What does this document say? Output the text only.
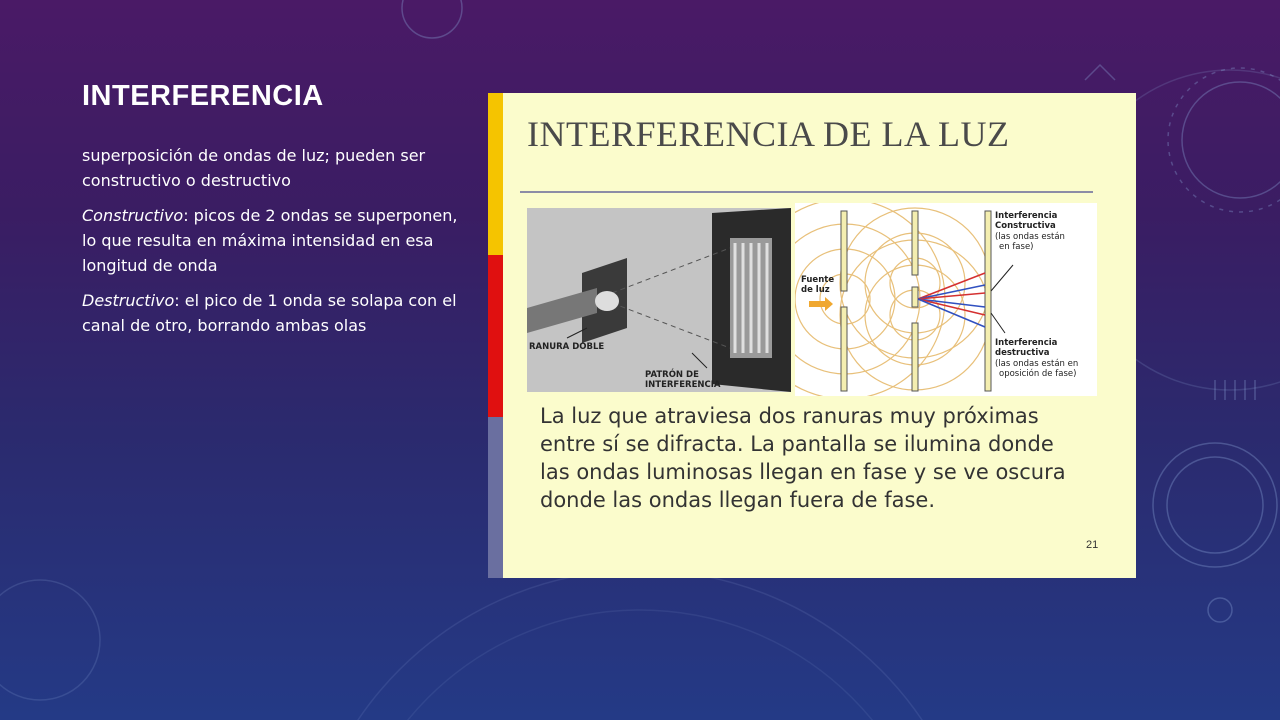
INTERFERENCIA

superposición de ondas de luz; pueden ser constructivo o destructivo

Constructivo: picos de 2 ondas se superponen, lo que resulta en máxima intensidad en esa longitud de onda

Destructivo: el pico de 1 onda se solapa con el canal de otro, borrando ambas olas

INTERFERENCIA DE LA LUZ
RANURA DOBLE
PATRÓN DE
INTERFERENCIA
Fuente
de luz
Interferencia
Constructiva
(las ondas están
en fase)
Interferencia
destructiva
(las ondas están en
oposición de fase)
La luz que atraviesa dos ranuras muy próximas entre sí se difracta. La pantalla se ilumina donde las ondas luminosas llegan en fase y se ve oscura donde las ondas llegan fuera de fase.
21
